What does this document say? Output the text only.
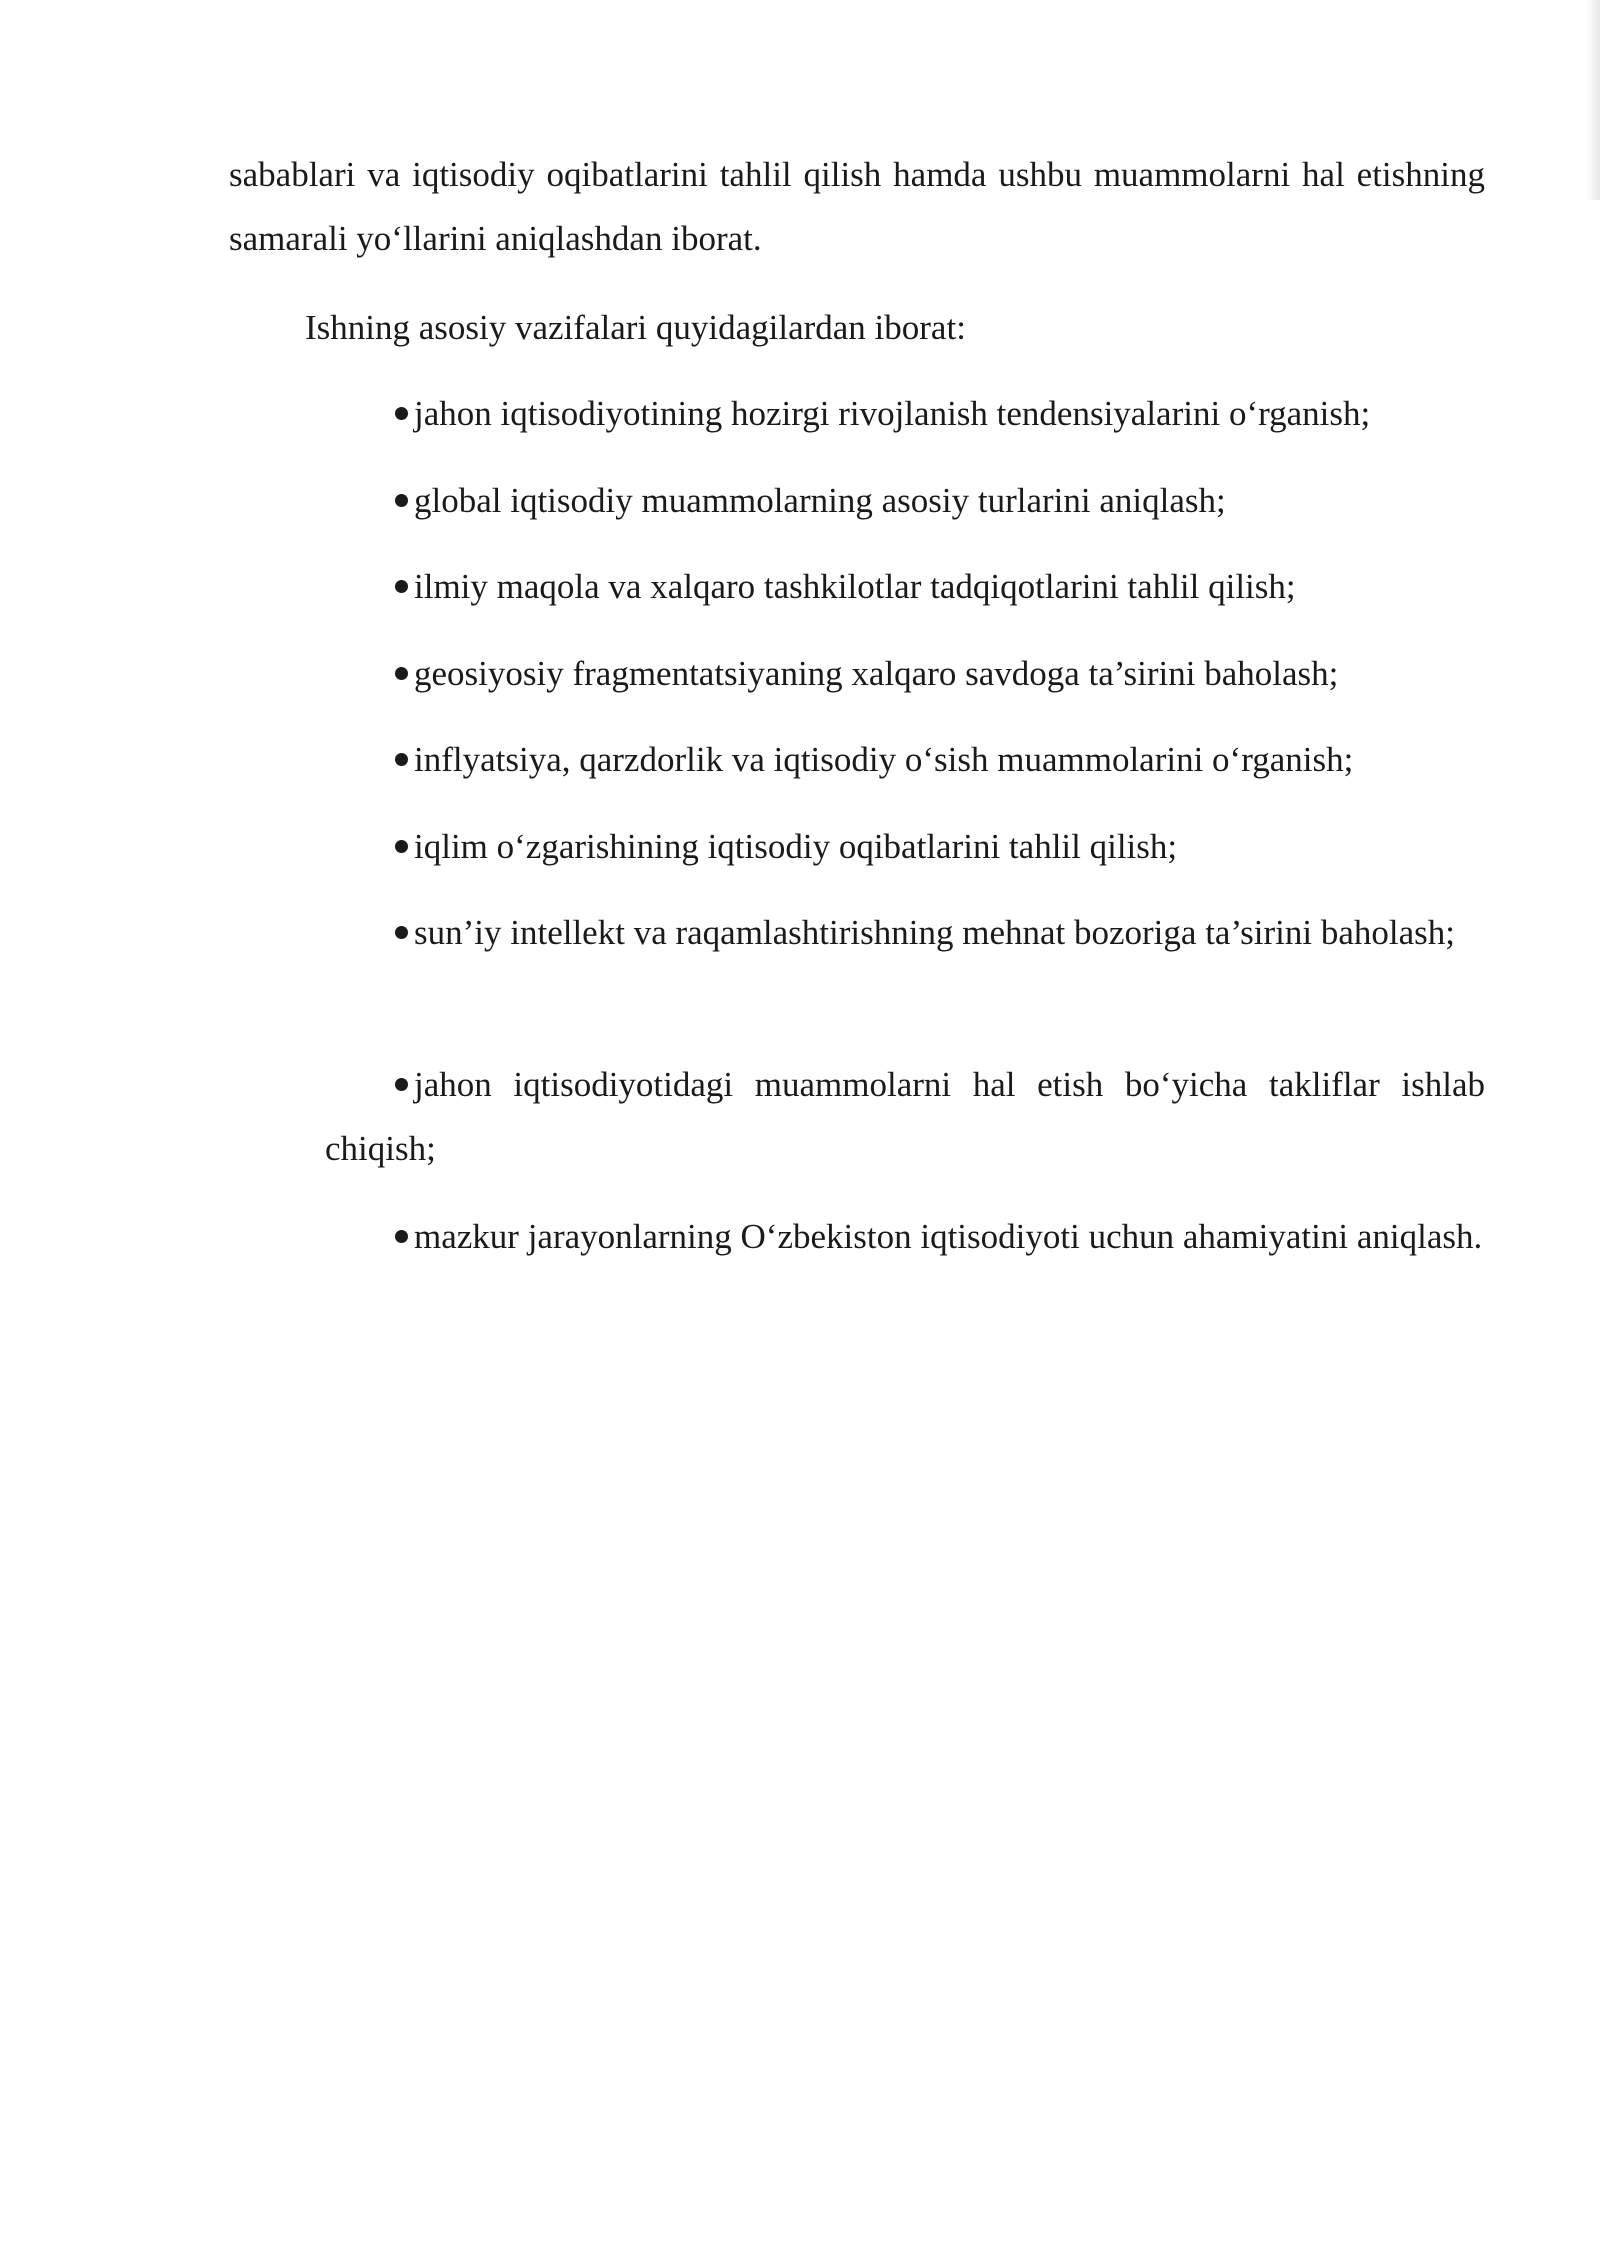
sabablari va iqtisodiy oqibatlarini tahlil qilish hamda ushbu muammolarni hal etishning samarali yo‘llarini aniqlashdan iborat.

Ishning asosiy vazifalari quyidagilardan iborat:

jahon iqtisodiyotining hozirgi rivojlanish tendensiyalarini o‘rganish;
global iqtisodiy muammolarning asosiy turlarini aniqlash;
ilmiy maqola va xalqaro tashkilotlar tadqiqotlarini tahlil qilish;
geosiyosiy fragmentatsiyaning xalqaro savdoga ta’sirini baholash;
inflyatsiya, qarzdorlik va iqtisodiy o‘sish muammolarini o‘rganish;
iqlim o‘zgarishining iqtisodiy oqibatlarini tahlil qilish;
sun’iy intellekt va raqamlashtirishning mehnat bozoriga ta’sirini baholash;
jahon iqtisodiyotidagi muammolarni hal etish bo‘yicha takliflar ishlab chiqish;
mazkur jarayonlarning O‘zbekiston iqtisodiyoti uchun ahamiyatini aniqlash.
